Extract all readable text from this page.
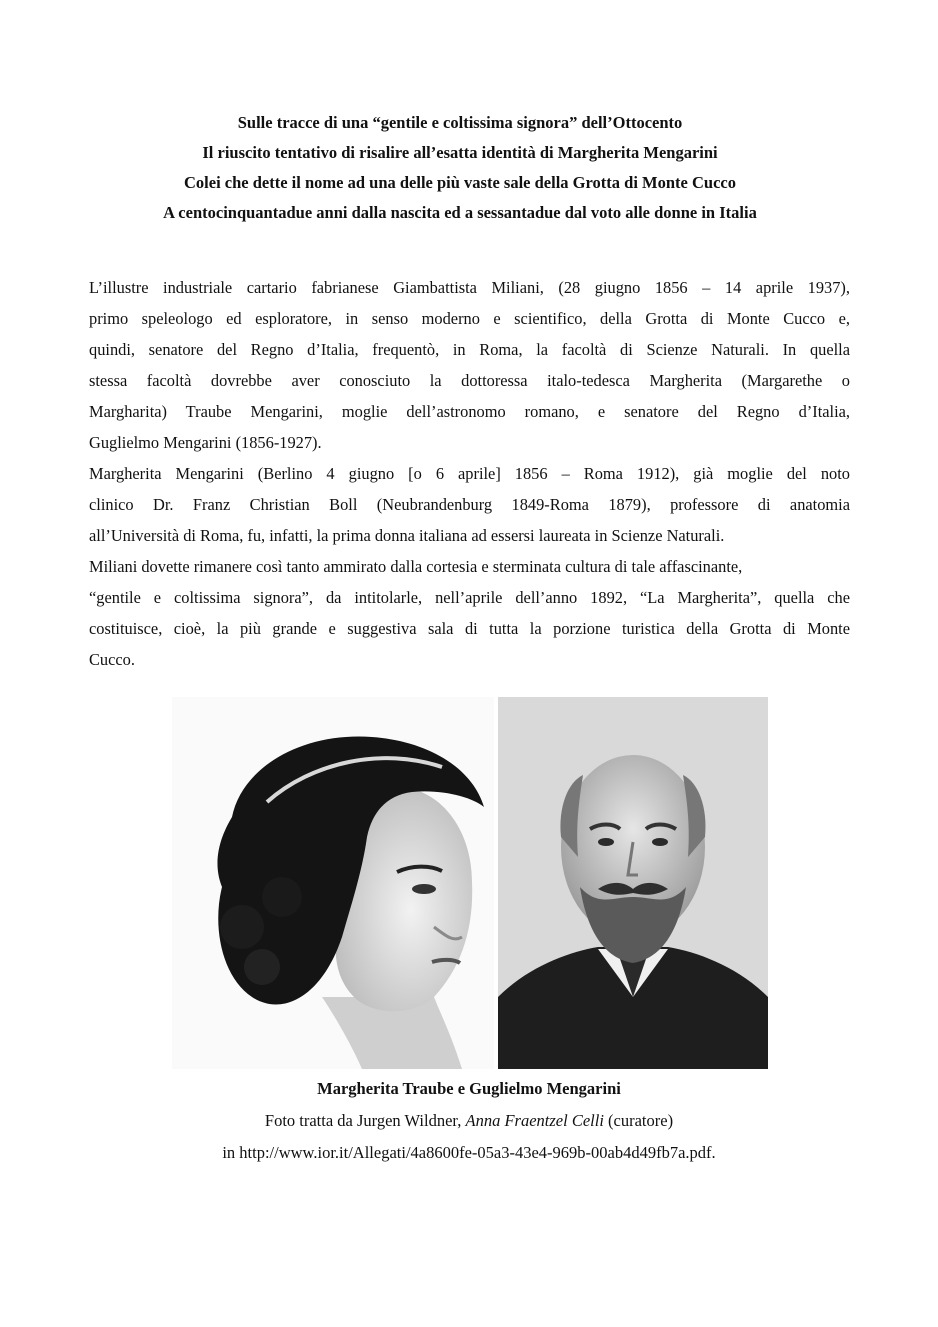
Sulle tracce di una “gentile e coltissima signora” dell’Ottocento
Il riuscito tentativo di risalire all’esatta identità di Margherita Mengarini
Colei che dette il nome ad una delle più vaste sale della Grotta di Monte Cucco
A centocinquantadue anni dalla nascita ed a sessantadue dal voto alle donne in Italia
L’illustre industriale cartario fabrianese Giambattista Miliani, (28 giugno 1856 – 14 aprile 1937),
primo speleologo ed esploratore, in senso moderno e scientifico, della Grotta di Monte Cucco e,
quindi, senatore del Regno d’Italia, frequentò, in Roma, la facoltà di Scienze Naturali. In quella
stessa facoltà dovrebbe aver conosciuto la dottoressa italo-tedesca Margherita (Margarethe o
Margharita) Traube Mengarini, moglie dell’astronomo romano, e senatore del Regno d’Italia,
Guglielmo Mengarini (1856-1927).
Margherita Mengarini (Berlino 4 giugno [o 6 aprile] 1856 – Roma 1912), già moglie del noto
clinico Dr. Franz Christian Boll (Neubrandenburg 1849-Roma 1879), professore di anatomia
all’Università di Roma, fu, infatti, la prima donna italiana ad essersi laureata in Scienze Naturali.
Miliani dovette rimanere così tanto ammirato dalla cortesia e sterminata cultura di tale affascinante,
“gentile e coltissima signora”, da intitolarle, nell’aprile dell’anno 1892, “La Margherita”, quella che
costituisce, cioè, la più grande e suggestiva sala di tutta la porzione turistica della Grotta di Monte
Cucco.
Margherita Traube e Guglielmo Mengarini
Foto tratta da Jurgen Wildner, Anna Fraentzel Celli (curatore)
in http://www.ior.it/Allegati/4a8600fe-05a3-43e4-969b-00ab4d49fb7a.pdf.
